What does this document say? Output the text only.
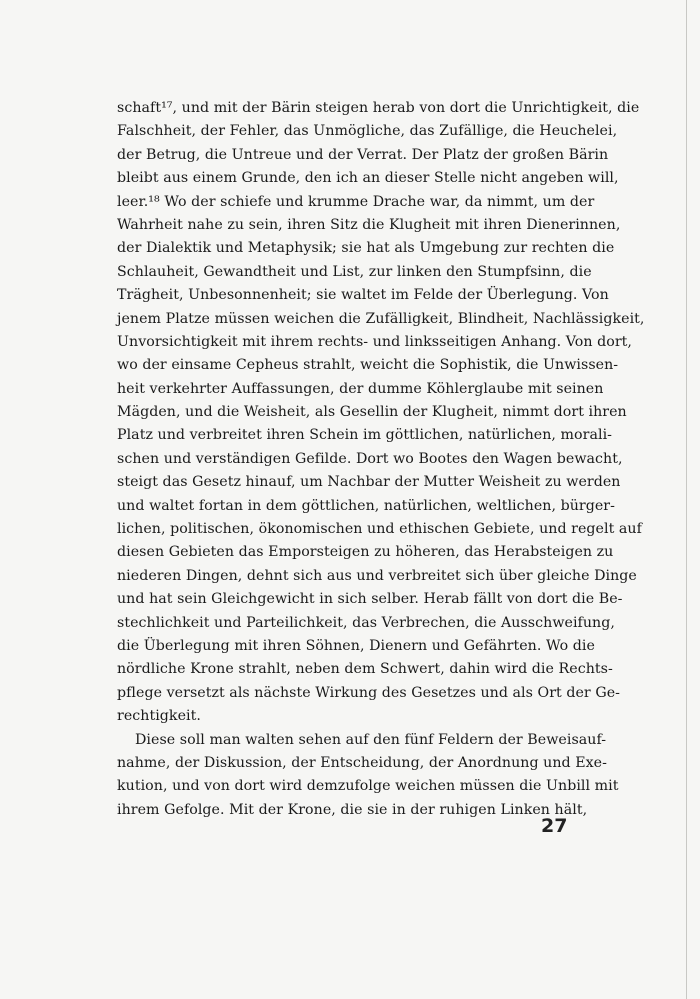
schaft¹⁷, und mit der Bärin steigen herab von dort die Unrichtigkeit, die
Falschheit, der Fehler, das Unmögliche, das Zufällige, die Heuchelei,
der Betrug, die Untreue und der Verrat. Der Platz der großen Bärin
bleibt aus einem Grunde, den ich an dieser Stelle nicht angeben will,
leer.¹⁸ Wo der schiefe und krumme Drache war, da nimmt, um der
Wahrheit nahe zu sein, ihren Sitz die Klugheit mit ihren Dienerinnen,
der Dialektik und Metaphysik; sie hat als Umgebung zur rechten die
Schlauheit, Gewandtheit und List, zur linken den Stumpfsinn, die
Trägheit, Unbesonnenheit; sie waltet im Felde der Überlegung. Von
jenem Platze müssen weichen die Zufälligkeit, Blindheit, Nachlässigkeit,
Unvorsichtigkeit mit ihrem rechts- und linksseitigen Anhang. Von dort,
wo der einsame Cepheus strahlt, weicht die Sophistik, die Unwissen-
heit verkehrter Auffassungen, der dumme Köhlerglaube mit seinen
Mägden, und die Weisheit, als Gesellin der Klugheit, nimmt dort ihren
Platz und verbreitet ihren Schein im göttlichen, natürlichen, morali-
schen und verständigen Gefilde. Dort wo Bootes den Wagen bewacht,
steigt das Gesetz hinauf, um Nachbar der Mutter Weisheit zu werden
und waltet fortan in dem göttlichen, natürlichen, weltlichen, bürger-
lichen, politischen, ökonomischen und ethischen Gebiete, und regelt auf
diesen Gebieten das Emporsteigen zu höheren, das Herabsteigen zu
niederen Dingen, dehnt sich aus und verbreitet sich über gleiche Dinge
und hat sein Gleichgewicht in sich selber. Herab fällt von dort die Be-
stechlichkeit und Parteilichkeit, das Verbrechen, die Ausschweifung,
die Überlegung mit ihren Söhnen, Dienern und Gefährten. Wo die
nördliche Krone strahlt, neben dem Schwert, dahin wird die Rechts-
pflege versetzt als nächste Wirkung des Gesetzes und als Ort der Ge-
rechtigkeit.
Diese soll man walten sehen auf den fünf Feldern der Beweisauf-
nahme, der Diskussion, der Entscheidung, der Anordnung und Exe-
kution, und von dort wird demzufolge weichen müssen die Unbill mit
ihrem Gefolge. Mit der Krone, die sie in der ruhigen Linken hält,
27
